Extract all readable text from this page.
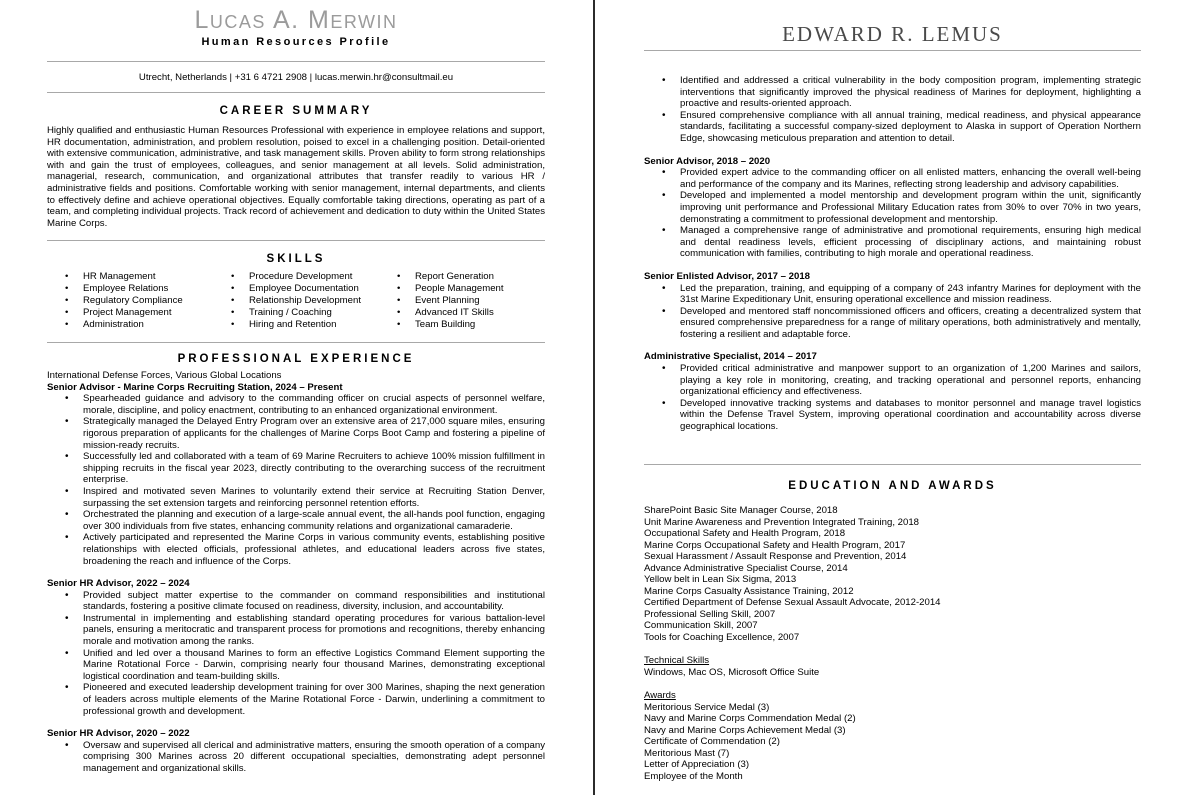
Lucas A. Merwin
Human Resources Profile
Utrecht, Netherlands | +31 6 4721 2908 | lucas.merwin.hr@consultmail.eu
CAREER SUMMARY
Highly qualified and enthusiastic Human Resources Professional with experience in employee relations and support, HR documentation, administration, and problem resolution, poised to excel in a challenging position. Detail-oriented with extensive communication, administrative, and task management skills. Proven ability to form strong relationships with and gain the trust of employees, colleagues, and senior management at all levels. Solid administration, managerial, research, communication, and organizational attributes that transfer readily to various HR / administrative fields and positions. Comfortable working with senior management, internal departments, and clients to effectively define and achieve operational objectives. Equally comfortable taking directions, operating as part of a team, and completing individual projects. Track record of achievement and dedication to duty within the United States Marine Corps.
SKILLS
• HR Management
• Employee Relations
• Regulatory Compliance
• Project Management
• Administration
• Procedure Development
• Employee Documentation
• Relationship Development
• Training / Coaching
• Hiring and Retention
• Report Generation
• People Management
• Event Planning
• Advanced IT Skills
• Team Building
PROFESSIONAL EXPERIENCE
International Defense Forces, Various Global Locations
Senior Advisor - Marine Corps Recruiting Station, 2024 – Present
• Spearheaded guidance and advisory to the commanding officer on crucial aspects of personnel welfare, morale, discipline, and policy enactment, contributing to an enhanced organizational environment.
• Strategically managed the Delayed Entry Program over an extensive area of 217,000 square miles, ensuring rigorous preparation of applicants for the challenges of Marine Corps Boot Camp and fostering a pipeline of mission-ready recruits.
• Successfully led and collaborated with a team of 69 Marine Recruiters to achieve 100% mission fulfillment in shipping recruits in the fiscal year 2023, directly contributing to the overarching success of the recruitment enterprise.
• Inspired and motivated seven Marines to voluntarily extend their service at Recruiting Station Denver, surpassing the set extension targets and reinforcing personnel retention efforts.
• Orchestrated the planning and execution of a large-scale annual event, the all-hands pool function, engaging over 300 individuals from five states, enhancing community relations and organizational camaraderie.
• Actively participated and represented the Marine Corps in various community events, establishing positive relationships with elected officials, professional athletes, and educational leaders across five states, broadening the reach and influence of the Corps.
Senior HR Advisor, 2022 – 2024
• Provided subject matter expertise to the commander on command responsibilities and institutional standards, fostering a positive climate focused on readiness, diversity, inclusion, and accountability.
• Instrumental in implementing and establishing standard operating procedures for various battalion-level panels, ensuring a meritocratic and transparent process for promotions and recognitions, thereby enhancing morale and motivation among the ranks.
• Unified and led over a thousand Marines to form an effective Logistics Command Element supporting the Marine Rotational Force - Darwin, comprising nearly four thousand Marines, demonstrating exceptional logistical coordination and team-building skills.
• Pioneered and executed leadership development training for over 300 Marines, shaping the next generation of leaders across multiple elements of the Marine Rotational Force - Darwin, underlining a commitment to professional growth and development.
Senior HR Advisor, 2020 – 2022
• Oversaw and supervised all clerical and administrative matters, ensuring the smooth operation of a company comprising 300 Marines across 20 different occupational specialties, demonstrating adept personnel management and organizational skills.
EDWARD R. LEMUS
• Identified and addressed a critical vulnerability in the body composition program, implementing strategic interventions that significantly improved the physical readiness of Marines for deployment, highlighting a proactive and results-oriented approach.
• Ensured comprehensive compliance with all annual training, medical readiness, and physical appearance standards, facilitating a successful company-sized deployment to Alaska in support of Operation Northern Edge, showcasing meticulous preparation and attention to detail.
Senior Advisor, 2018 – 2020
• Provided expert advice to the commanding officer on all enlisted matters, enhancing the overall well-being and performance of the company and its Marines, reflecting strong leadership and advisory capabilities.
• Developed and implemented a model mentorship and development program within the unit, significantly improving unit performance and Professional Military Education rates from 30% to over 70% in two years, demonstrating a commitment to professional development and mentorship.
• Managed a comprehensive range of administrative and promotional requirements, ensuring high medical and dental readiness levels, efficient processing of disciplinary actions, and maintaining robust communication with families, contributing to high morale and operational readiness.
Senior Enlisted Advisor, 2017 – 2018
• Led the preparation, training, and equipping of a company of 243 infantry Marines for deployment with the 31st Marine Expeditionary Unit, ensuring operational excellence and mission readiness.
• Developed and mentored staff noncommissioned officers and officers, creating a decentralized system that ensured comprehensive preparedness for a range of military operations, both administratively and mentally, fostering a resilient and adaptable force.
Administrative Specialist, 2014 – 2017
• Provided critical administrative and manpower support to an organization of 1,200 Marines and sailors, playing a key role in monitoring, creating, and tracking operational and personnel reports, enhancing organizational efficiency and effectiveness.
• Developed innovative tracking systems and databases to monitor personnel and manage travel logistics within the Defense Travel System, improving operational coordination and accountability across diverse geographical locations.
EDUCATION AND AWARDS
SharePoint Basic Site Manager Course, 2018
Unit Marine Awareness and Prevention Integrated Training, 2018
Occupational Safety and Health Program, 2018
Marine Corps Occupational Safety and Health Program, 2017
Sexual Harassment / Assault Response and Prevention, 2014
Advance Administrative Specialist Course, 2014
Yellow belt in Lean Six Sigma, 2013
Marine Corps Casualty Assistance Training, 2012
Certified Department of Defense Sexual Assault Advocate, 2012-2014
Professional Selling Skill, 2007
Communication Skill, 2007
Tools for Coaching Excellence, 2007
Technical Skills
Windows, Mac OS, Microsoft Office Suite
Awards
Meritorious Service Medal (3)
Navy and Marine Corps Commendation Medal (2)
Navy and Marine Corps Achievement Medal (3)
Certificate of Commendation (2)
Meritorious Mast (7)
Letter of Appreciation (3)
Employee of the Month
